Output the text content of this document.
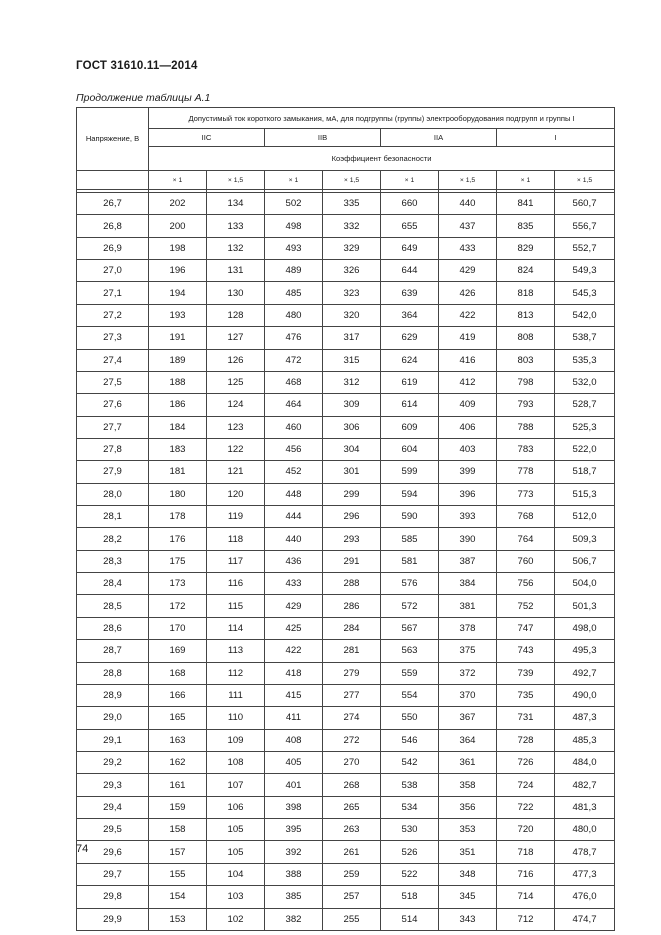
ГОСТ 31610.11—2014
Продолжение таблицы А.1
Напряжение, В	Допустимый ток короткого замыкания, мА, для подгруппы (группы) электрооборудования подгрупп и группы I							
	IIC		IIB		IIA		I	
	Коэффициент безопасности							
	× 1	× 1,5	× 1	× 1,5	× 1	× 1,5	× 1	× 1,5

26,7	202	134	502	335	660	440	841	560,7
26,8	200	133	498	332	655	437	835	556,7
26,9	198	132	493	329	649	433	829	552,7
27,0	196	131	489	326	644	429	824	549,3
27,1	194	130	485	323	639	426	818	545,3
27,2	193	128	480	320	364	422	813	542,0
27,3	191	127	476	317	629	419	808	538,7
27,4	189	126	472	315	624	416	803	535,3
27,5	188	125	468	312	619	412	798	532,0
27,6	186	124	464	309	614	409	793	528,7
27,7	184	123	460	306	609	406	788	525,3
27,8	183	122	456	304	604	403	783	522,0
27,9	181	121	452	301	599	399	778	518,7
28,0	180	120	448	299	594	396	773	515,3
28,1	178	119	444	296	590	393	768	512,0
28,2	176	118	440	293	585	390	764	509,3
28,3	175	117	436	291	581	387	760	506,7
28,4	173	116	433	288	576	384	756	504,0
28,5	172	115	429	286	572	381	752	501,3
28,6	170	114	425	284	567	378	747	498,0
28,7	169	113	422	281	563	375	743	495,3
28,8	168	112	418	279	559	372	739	492,7
28,9	166	111	415	277	554	370	735	490,0
29,0	165	110	411	274	550	367	731	487,3
29,1	163	109	408	272	546	364	728	485,3
29,2	162	108	405	270	542	361	726	484,0
29,3	161	107	401	268	538	358	724	482,7
29,4	159	106	398	265	534	356	722	481,3
29,5	158	105	395	263	530	353	720	480,0
29,6	157	105	392	261	526	351	718	478,7
29,7	155	104	388	259	522	348	716	477,3
29,8	154	103	385	257	518	345	714	476,0
29,9	153	102	382	255	514	343	712	474,7
74
